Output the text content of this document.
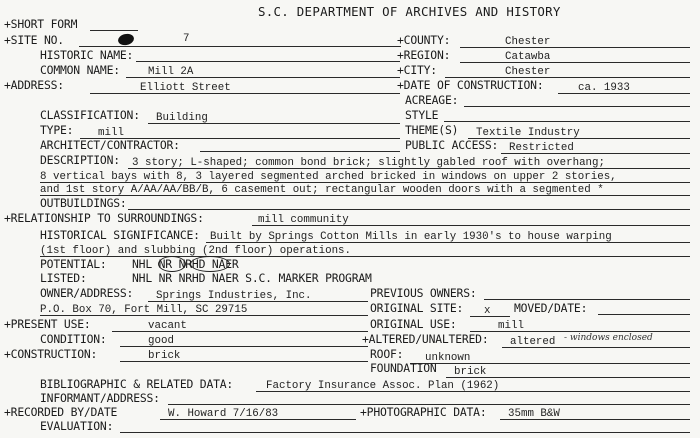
S.C. DEPARTMENT OF ARCHIVES AND HISTORY
+SHORT FORM
+SITE NO.	7	+COUNTY:	Chester
HISTORIC NAME:	+REGION:	Catawba
COMMON NAME:	Mill 2A	+CITY:	Chester
+ADDRESS:	Elliott Street	+DATE OF CONSTRUCTION:	ca. 1933
ACREAGE:
CLASSIFICATION: Building	STYLE
TYPE: mill	THEME(S) Textile Industry
ARCHITECT/CONTRACTOR:	PUBLIC ACCESS: Restricted
DESCRIPTION: 3 story; L-shaped; common bond brick; slightly gabled roof with overhang;
8 vertical bays with 8, 3 layered segmented arched bricked in windows on upper 2 stories,
and 1st story A/AA/AA/BB/B, 6 casement out; rectangular wooden doors with a segmented *
OUTBUILDINGS:
+RELATIONSHIP TO SURROUNDINGS:	mill community
HISTORICAL SIGNIFICANCE: Built by Springs Cotton Mills in early 1930's to house warping
(1st floor) and slubbing (2nd floor) operations.
POTENTIAL: NHL NR NRHD NAER
LISTED:	NHL NR NRHD NAER S.C. MARKER PROGRAM
OWNER/ADDRESS: Springs Industries, Inc.	PREVIOUS OWNERS:
P.O. Box 70, Fort Mill, SC 29715	ORIGINAL SITE: x MOVED/DATE:
+PRESENT USE:	vacant	ORIGINAL USE:	mill
CONDITION:	good	+ALTERED/UNALTERED: altered - windows enclosed
+CONSTRUCTION:	brick	ROOF: unknown
FOUNDATION brick
BIBLIOGRAPHIC & RELATED DATA:	Factory Insurance Assoc. Plan (1962)
INFORMANT/ADDRESS:
+RECORDED BY/DATE	W. Howard 7/16/83	+PHOTOGRAPHIC DATA: 35mm B&W
EVALUATION:
